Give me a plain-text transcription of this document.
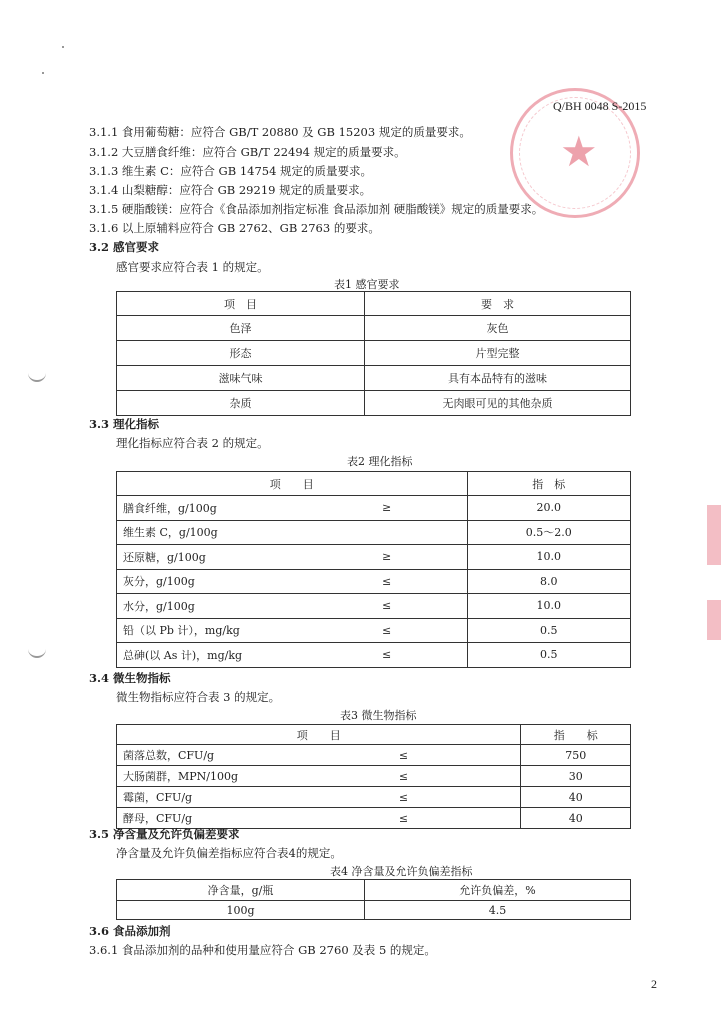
★
Q/BH 0048 S-2015
3.1.1 食用葡萄糖：应符合 GB/T 20880 及 GB 15203 规定的质量要求。
3.1.2 大豆膳食纤维：应符合 GB/T 22494 规定的质量要求。
3.1.3 维生素 C：应符合 GB 14754 规定的质量要求。
3.1.4 山梨糖醇：应符合 GB 29219 规定的质量要求。
3.1.5 硬脂酸镁：应符合《食品添加剂指定标准 食品添加剂 硬脂酸镁》规定的质量要求。
3.1.6 以上原辅料应符合 GB 2762、GB 2763 的要求。
3.2 感官要求
感官要求应符合表 1 的规定。
表1 感官要求
项　目	要　求
色泽	灰色
形态	片型完整
滋味气味	具有本品特有的滋味
杂质	无肉眼可见的其他杂质
3.3 理化指标
理化指标应符合表 2 的规定。
表2 理化指标
项　　目		指　标
膳食纤维，g/100g	≥	20.0
维生素 C，g/100g		0.5～2.0
还原糖，g/100g	≥	10.0
灰分，g/100g	≤	8.0
水分，g/100g	≤	10.0
铅（以 Pb 计），mg/kg	≤	0.5
总砷(以 As 计)，mg/kg	≤	0.5
3.4 微生物指标
微生物指标应符合表 3 的规定。
表3 微生物指标
项　　目		指　　标
菌落总数，CFU/g	≤	750
大肠菌群，MPN/100g	≤	30
霉菌，CFU/g	≤	40
酵母，CFU/g	≤	40
3.5 净含量及允许负偏差要求
净含量及允许负偏差指标应符合表4的规定。
表4 净含量及允许负偏差指标
净含量，g/瓶	允许负偏差，%
100g	4.5
3.6 食品添加剂
3.6.1 食品添加剂的品种和使用量应符合 GB 2760 及表 5 的规定。
2
